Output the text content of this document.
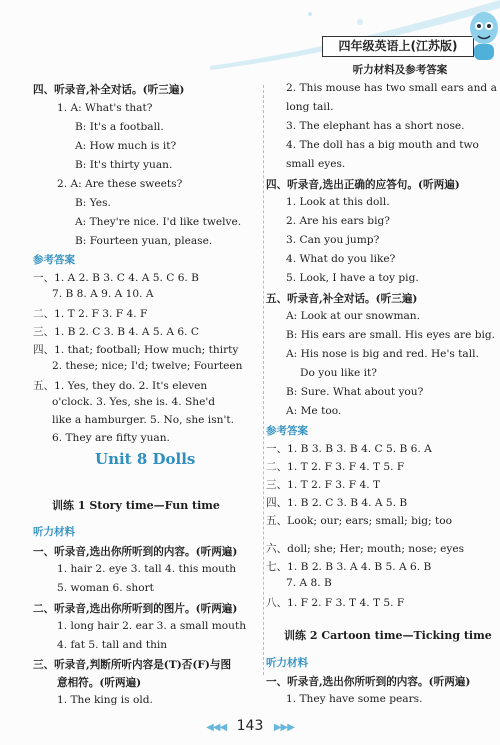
四年级英语上(江苏版)
听力材料及参考答案
四、听录音,补全对话。(听三遍)
1. A: What's that?
B: It's a football.
A: How much is it?
B: It's thirty yuan.
2. A: Are these sweets?
B: Yes.
A: They're nice. I'd like twelve.
B: Fourteen yuan, please.
参考答案
一、1. A 2. B 3. C 4. A 5. C 6. B
7. B 8. A 9. A 10. A
二、1. T 2. F 3. F 4. F
三、1. B 2. C 3. B 4. A 5. A 6. C
四、1. that; football; How much; thirty
2. these; nice; I'd; twelve; Fourteen
五、1. Yes, they do. 2. It's eleven
o'clock. 3. Yes, she is. 4. She'd
like a hamburger. 5. No, she isn't.
6. They are fifty yuan.
训练 1 Story time—Fun time
听力材料
一、听录音,选出你所听到的内容。(听两遍)
1. hair 2. eye 3. tall 4. this mouth
5. woman 6. short
二、听录音,选出你所听到的图片。(听两遍)
1. long hair 2. ear 3. a small mouth
4. fat 5. tall and thin
三、听录音,判断所听内容是(T)否(F)与图
意相符。(听两遍)
1. The king is old.
2. This mouse has two small ears and a
long tail.
3. The elephant has a short nose.
4. The doll has a big mouth and two
small eyes.
四、听录音,选出正确的应答句。(听两遍)
1. Look at this doll.
2. Are his ears big?
3. Can you jump?
4. What do you like?
5. Look, I have a toy pig.
五、听录音,补全对话。(听三遍)
A: Look at our snowman.
B: His ears are small. His eyes are big.
A: His nose is big and red. He's tall.
Do you like it?
B: Sure. What about you?
A: Me too.
参考答案
一、1. B 3. B 3. B 4. C 5. B 6. A
二、1. T 2. F 3. F 4. T 5. F
三、1. T 2. F 3. F 4. T
四、1. B 2. C 3. B 4. A 5. B
五、Look; our; ears; small; big; too
六、doll; she; Her; mouth; nose; eyes
七、1. B 2. B 3. A 4. B 5. A 6. B
7. A 8. B
八、1. F 2. F 3. T 4. T 5. F
训练 2 Cartoon time—Ticking time
听力材料
一、听录音,选出你所听到的内容。(听两遍)
1. They have some pears.
Unit 8 Dolls
◀◀◀ 143 ▶▶▶
